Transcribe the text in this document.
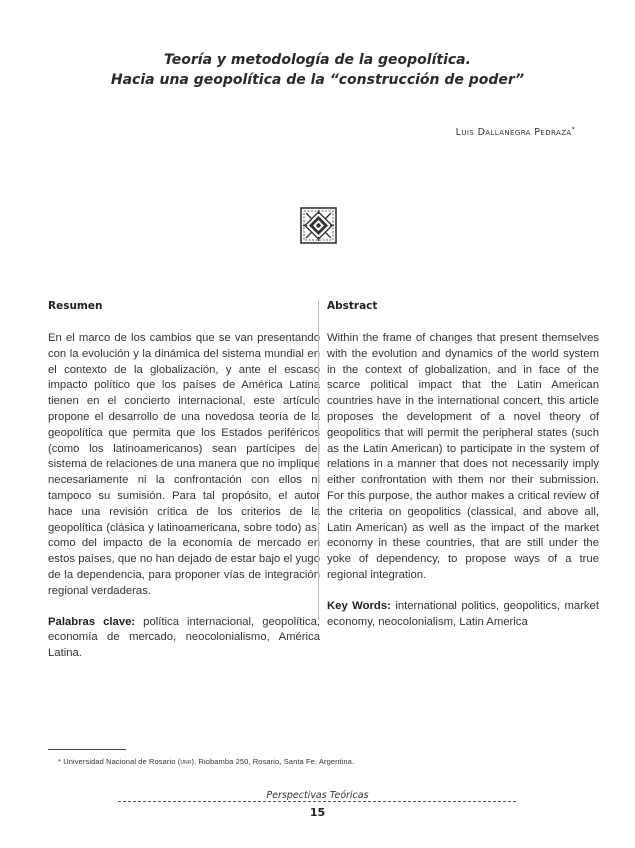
Teoría y metodología de la geopolítica.
Hacia una geopolítica de la “construcción de poder”
Luis Dallanegra Pedraza*
Resumen

En el marco de los cambios que se van presentando con la evolución y la dinámica del sistema mundial en el contexto de la globalización, y ante el escaso impacto político que los países de América Latina tienen en el concierto internacional, este artículo propone el desarrollo de una novedosa teoría de la geopolítica que permita que los Estados periféricos (como los latinoamericanos) sean partícipes del sistema de relaciones de una manera que no implique necesariamente ni la confrontación con ellos ni tampoco su sumisión. Para tal propósito, el autor hace una revisión crítica de los criterios de la geopolítica (clásica y latinoamericana, sobre todo) así como del impacto de la economía de mercado en estos países, que no han dejado de estar bajo el yugo de la dependencia, para proponer vías de integración regional verdaderas.

Palabras clave: política internacional, geopolítica, economía de mercado, neocolonialismo, América Latina.

Abstract

Within the frame of changes that present themselves with the evolution and dynamics of the world system in the context of globalization, and in face of the scarce political impact that the Latin American countries have in the international concert, this article proposes the development of a novel theory of geopolitics that will permit the peripheral states (such as the Latin American) to participate in the system of relations in a manner that does not necessarily imply either confrontation with them nor their submission. For this purpose, the author makes a critical review of the criteria on geopolitics (classical, and above all, Latin American) as well as the impact of the market economy in these countries, that are still under the yoke of dependency, to propose ways of a true regional integration.

Key Words: international politics, geopolitics, market economy, neocolonialism, Latin America

* Universidad Nacional de Rosario (unr), Riobamba 250, Rosario, Santa Fe, Argentina.
Perspectivas Teóricas
15
